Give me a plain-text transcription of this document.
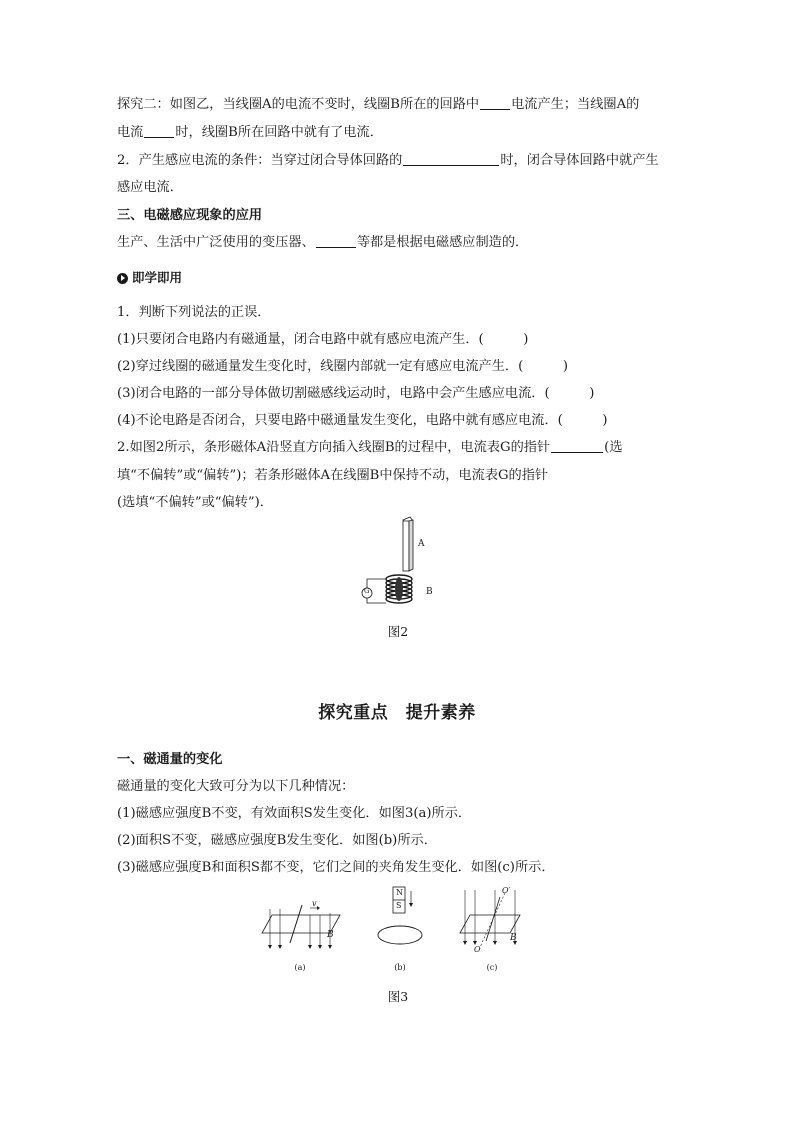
探究二：如图乙，当线圈A的电流不变时，线圈B所在的回路中 电流产生；当线圈A的
电流 时，线圈B所在回路中就有了电流．
2．产生感应电流的条件：当穿过闭合导体回路的	时，闭合导体回路中就产生
感应电流．
三、电磁感应现象的应用
生产、生活中广泛使用的变压器、	等都是根据电磁感应制造的．
即学即用
1．判断下列说法的正误．
(1)只要闭合电路内有磁通量，闭合电路中就有感应电流产生．(　　　)
(2)穿过线圈的磁通量发生变化时，线圈内部就一定有感应电流产生．(　　　)
(3)闭合电路的一部分导体做切割磁感线运动时，电路中会产生感应电流．(　　　)
(4)不论电路是否闭合，只要电路中磁通量发生变化，电路中就有感应电流．(　　　)
2.如图2所示，条形磁体A沿竖直方向插入线圈B的过程中，电流表G的指针	(选
填“不偏转”或“偏转”)；若条形磁体A在线圈B中保持不动，电流表G的指针
(选填“不偏转”或“偏转”)．
A
B
G
图2
探究重点　提升素养
一、磁通量的变化
磁通量的变化大致可分为以下几种情况：
(1)磁感应强度B不变，有效面积S发生变化．如图3(a)所示．
(2)面积S不变，磁感应强度B发生变化．如图(b)所示．
(3)磁感应强度B和面积S都不变，它们之间的夹角发生变化．如图(c)所示．
B
v
N
S
B
O′
O
(a)	(b)	(c)
图3
